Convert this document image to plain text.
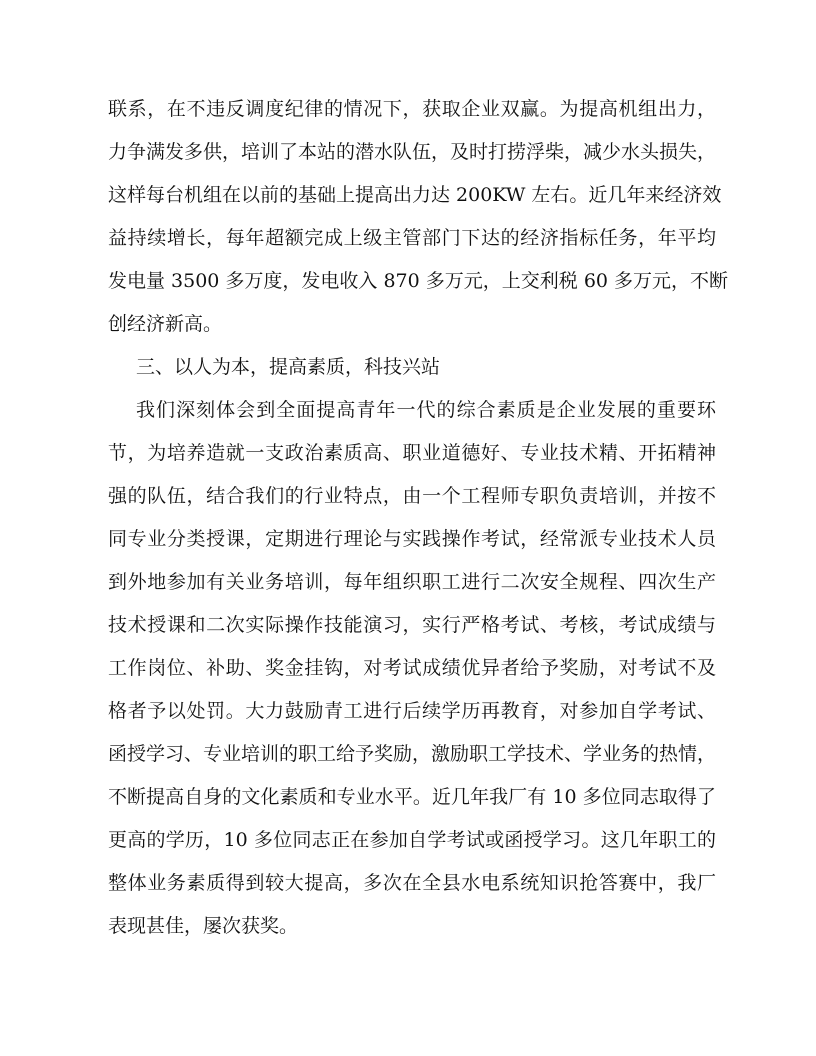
联系，在不违反调度纪律的情况下，获取企业双赢。为提高机组出力，
力争满发多供，培训了本站的潜水队伍，及时打捞浮柴，减少水头损失，
这样每台机组在以前的基础上提高出力达 200KW 左右。近几年来经济效
益持续增长，每年超额完成上级主管部门下达的经济指标任务，年平均
发电量 3500 多万度，发电收入 870 多万元，上交利税 60 多万元，不断
创经济新高。
三、以人为本，提高素质，科技兴站
我们深刻体会到全面提高青年一代的综合素质是企业发展的重要环
节，为培养造就一支政治素质高、职业道德好、专业技术精、开拓精神
强的队伍，结合我们的行业特点，由一个工程师专职负责培训，并按不
同专业分类授课，定期进行理论与实践操作考试，经常派专业技术人员
到外地参加有关业务培训，每年组织职工进行二次安全规程、四次生产
技术授课和二次实际操作技能演习，实行严格考试、考核，考试成绩与
工作岗位、补助、奖金挂钩，对考试成绩优异者给予奖励，对考试不及
格者予以处罚。大力鼓励青工进行后续学历再教育，对参加自学考试、
函授学习、专业培训的职工给予奖励，激励职工学技术、学业务的热情，
不断提高自身的文化素质和专业水平。近几年我厂有 10 多位同志取得了
更高的学历，10 多位同志正在参加自学考试或函授学习。这几年职工的
整体业务素质得到较大提高，多次在全县水电系统知识抢答赛中，我厂
表现甚佳，屡次获奖。
